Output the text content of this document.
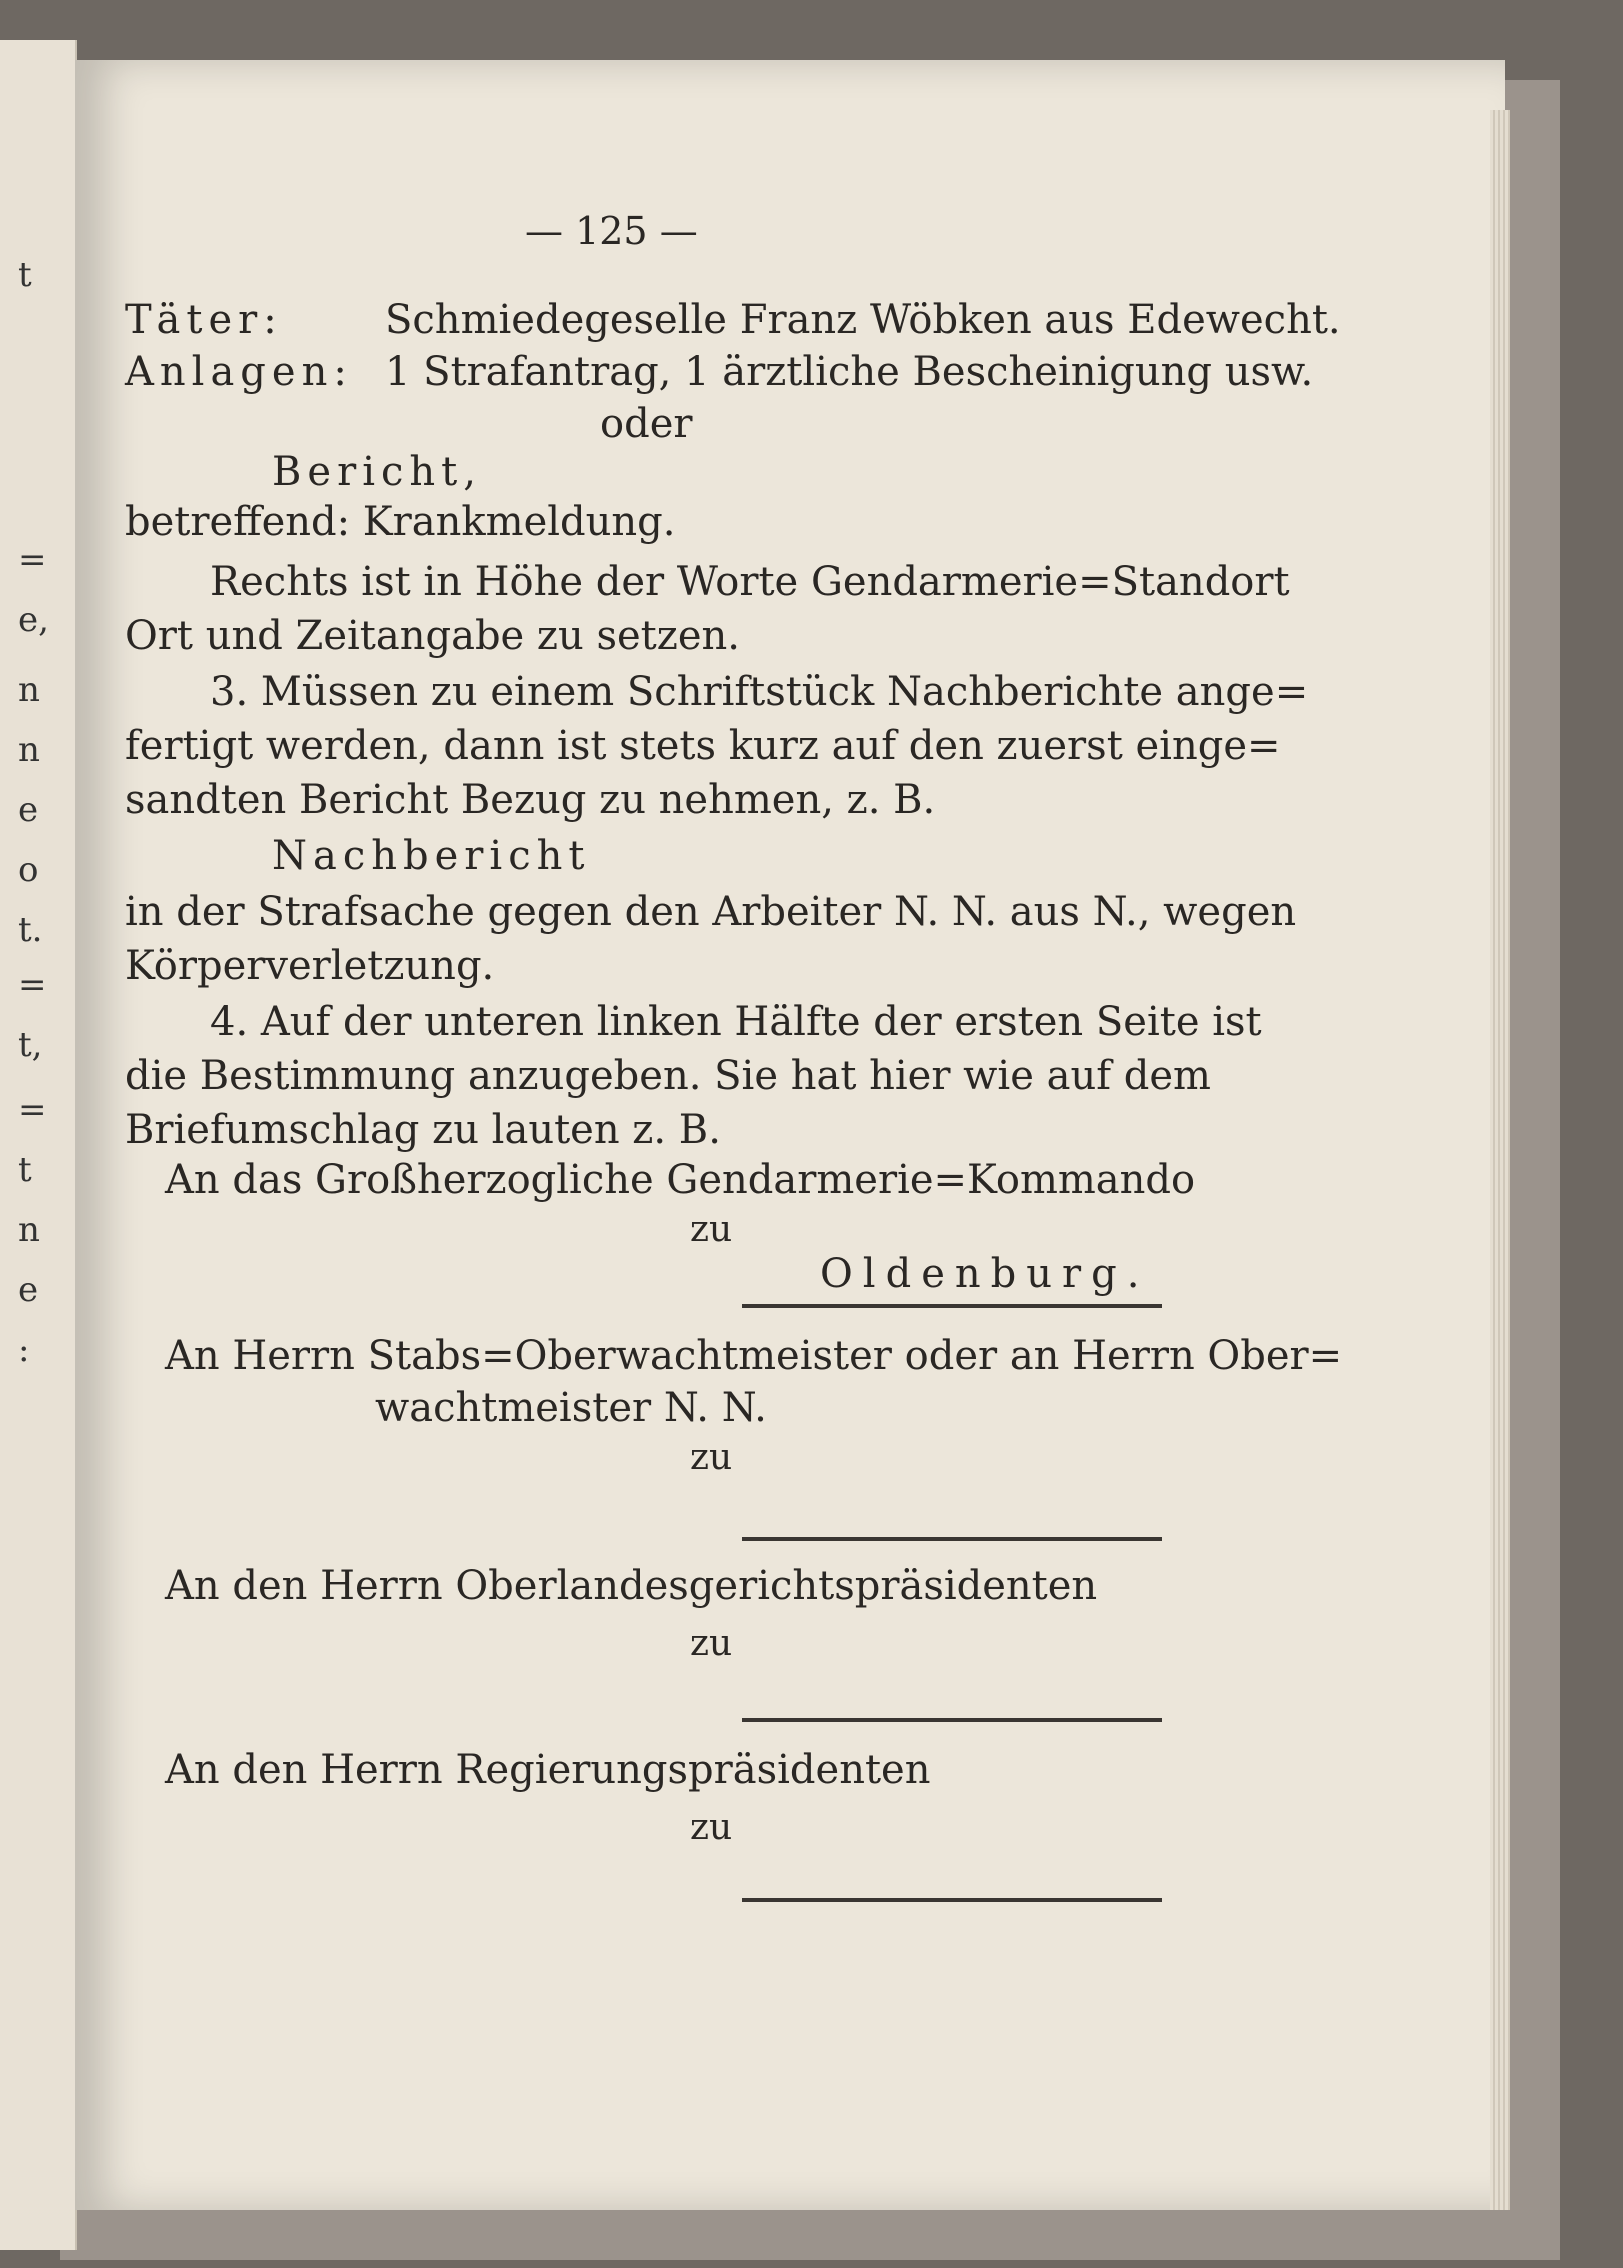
t
=
e,
n
n
e
o
t.
=
t,
=
t
n
e
:
— 125 —
Täter:	Schmiedegeselle Franz Wöbken aus Edewecht.
Anlagen: 1 Strafantrag, 1 ärztliche Bescheinigung usw.
oder
Bericht,
betreffend: Krankmeldung.
Rechts ist in Höhe der Worte Gendarmerie=Standort
Ort und Zeitangabe zu setzen.
3. Müssen zu einem Schriftstück Nachberichte ange=
fertigt werden, dann ist stets kurz auf den zuerst einge=
sandten Bericht Bezug zu nehmen, z. B.
Nachbericht
in der Strafsache gegen den Arbeiter N. N. aus N., wegen
Körperverletzung.
4. Auf der unteren linken Hälfte der ersten Seite ist
die Bestimmung anzugeben. Sie hat hier wie auf dem
Briefumschlag zu lauten z. B.
An das Großherzogliche Gendarmerie=Kommando
zu
Oldenburg.
An Herrn Stabs=Oberwachtmeister oder an Herrn Ober=
wachtmeister N. N.
zu
An den Herrn Oberlandesgerichtspräsidenten
zu
An den Herrn Regierungspräsidenten
zu
